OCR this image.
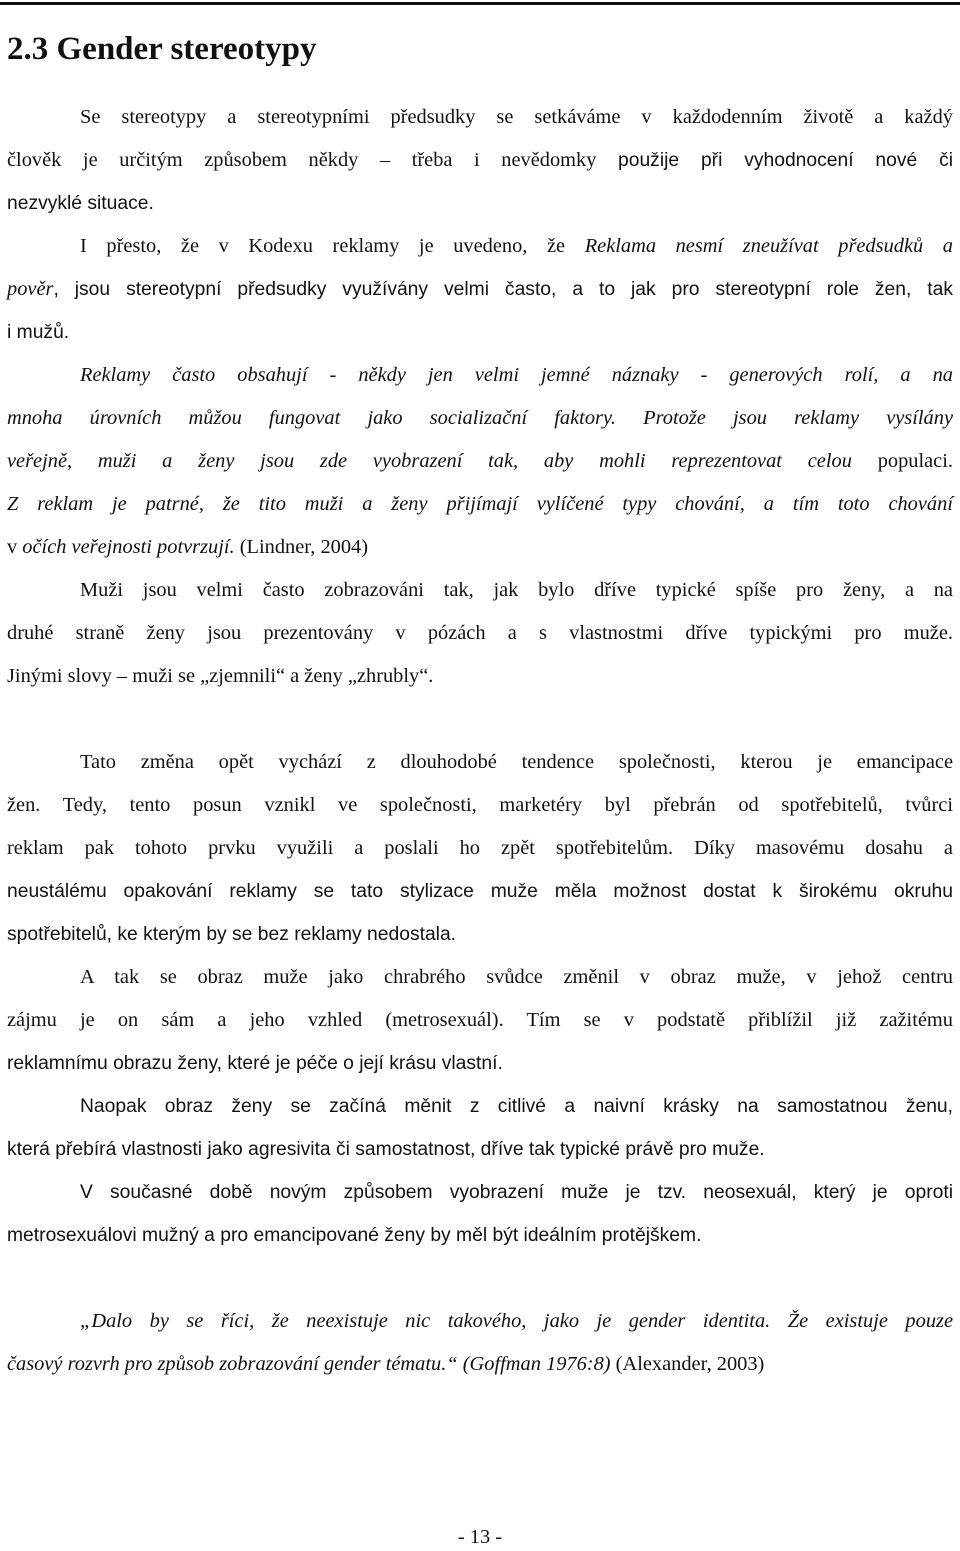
2.3 Gender stereotypy
Se stereotypy a stereotypními předsudky se setkáváme v každodenním životě a každý
člověk je určitým způsobem někdy – třeba i nevědomky použije při vyhodnocení nové či
nezvyklé situace.
I přesto, že v Kodexu reklamy je uvedeno, že Reklama nesmí zneužívat předsudků a
pověr, jsou stereotypní předsudky využívány velmi často, a to jak pro stereotypní role žen, tak
i mužů.
Reklamy často obsahují - někdy jen velmi jemné náznaky - generových rolí, a na
mnoha úrovních můžou fungovat jako socializační faktory. Protože jsou reklamy vysílány
veřejně, muži a ženy jsou zde vyobrazení tak, aby mohli reprezentovat celou populaci.
Z reklam je patrné, že tito muži a ženy přijímají vylíčené typy chování, a tím toto chování
v očích veřejnosti potvrzují. (Lindner, 2004)
Muži jsou velmi často zobrazováni tak, jak bylo dříve typické spíše pro ženy, a na
druhé straně ženy jsou prezentovány v pózách a s vlastnostmi dříve typickými pro muže.
Jinými slovy – muži se „zjemnili“ a ženy „zhrubly“.
Tato změna opět vychází z dlouhodobé tendence společnosti, kterou je emancipace
žen. Tedy, tento posun vznikl ve společnosti, marketéry byl přebrán od spotřebitelů, tvůrci
reklam pak tohoto prvku využili a poslali ho zpět spotřebitelům. Díky masovému dosahu a
neustálému opakování reklamy se tato stylizace muže měla možnost dostat k širokému okruhu
spotřebitelů, ke kterým by se bez reklamy nedostala.
A tak se obraz muže jako chrabrého svůdce změnil v obraz muže, v jehož centru
zájmu je on sám a jeho vzhled (metrosexuál). Tím se v podstatě přiblížil již zažitému
reklamnímu obrazu ženy, které je péče o její krásu vlastní.
Naopak obraz ženy se začíná měnit z citlivé a naivní krásky na samostatnou ženu,
která přebírá vlastnosti jako agresivita či samostatnost, dříve tak typické právě pro muže.
V současné době novým způsobem vyobrazení muže je tzv. neosexuál, který je oproti
metrosexuálovi mužný a pro emancipované ženy by měl být ideálním protějškem.
„Dalo by se říci, že neexistuje nic takového, jako je gender identita. Že existuje pouze
časový rozvrh pro způsob zobrazování gender tématu.“ (Goffman 1976:8) (Alexander, 2003)
- 13 -
